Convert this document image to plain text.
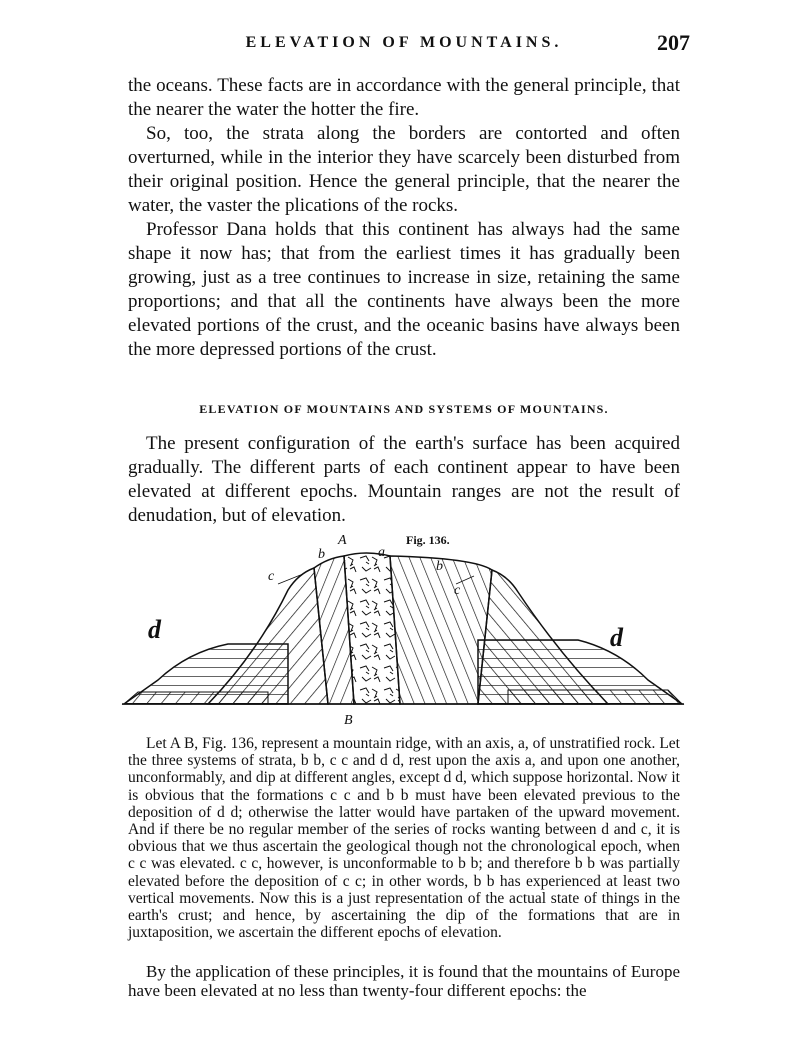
ELEVATION OF MOUNTAINS.	207

the oceans. These facts are in accordance with the general principle, that the nearer the water the hotter the fire.

So, too, the strata along the borders are contorted and often overturned, while in the interior they have scarcely been disturbed from their original position. Hence the general principle, that the nearer the water, the vaster the plications of the rocks.

Professor Dana holds that this continent has always had the same shape it now has; that from the earliest times it has gradually been growing, just as a tree continues to increase in size, retaining the same proportions; and that all the continents have always been the more elevated portions of the crust, and the oceanic basins have always been the more depressed portions of the crust.

ELEVATION OF MOUNTAINS AND SYSTEMS OF MOUNTAINS.

The present configuration of the earth's surface has been acquired gradually. The different parts of each continent appear to have been elevated at different epochs. Mountain ranges are not the result of denudation, but of elevation.

Fig. 136.
A
a
b
b
c
c
d	d
B

Let A B, Fig. 136, represent a mountain ridge, with an axis, a, of unstratified rock. Let the three systems of strata, b b, c c and d d, rest upon the axis a, and upon one another, unconformably, and dip at different angles, except d d, which suppose horizontal. Now it is obvious that the formations c c and b b must have been elevated previous to the deposition of d d; otherwise the latter would have partaken of the upward movement. And if there be no regular member of the series of rocks wanting between d and c, it is obvious that we thus ascertain the geological though not the chronological epoch, when c c was elevated. c c, however, is unconformable to b b; and therefore b b was partially elevated before the deposition of c c; in other words, b b has experienced at least two vertical movements. Now this is a just representation of the actual state of things in the earth's crust; and hence, by ascertaining the dip of the formations that are in juxtaposition, we ascertain the different epochs of elevation.

By the application of these principles, it is found that the mountains of Europe have been elevated at no less than twenty-four different epochs: the
